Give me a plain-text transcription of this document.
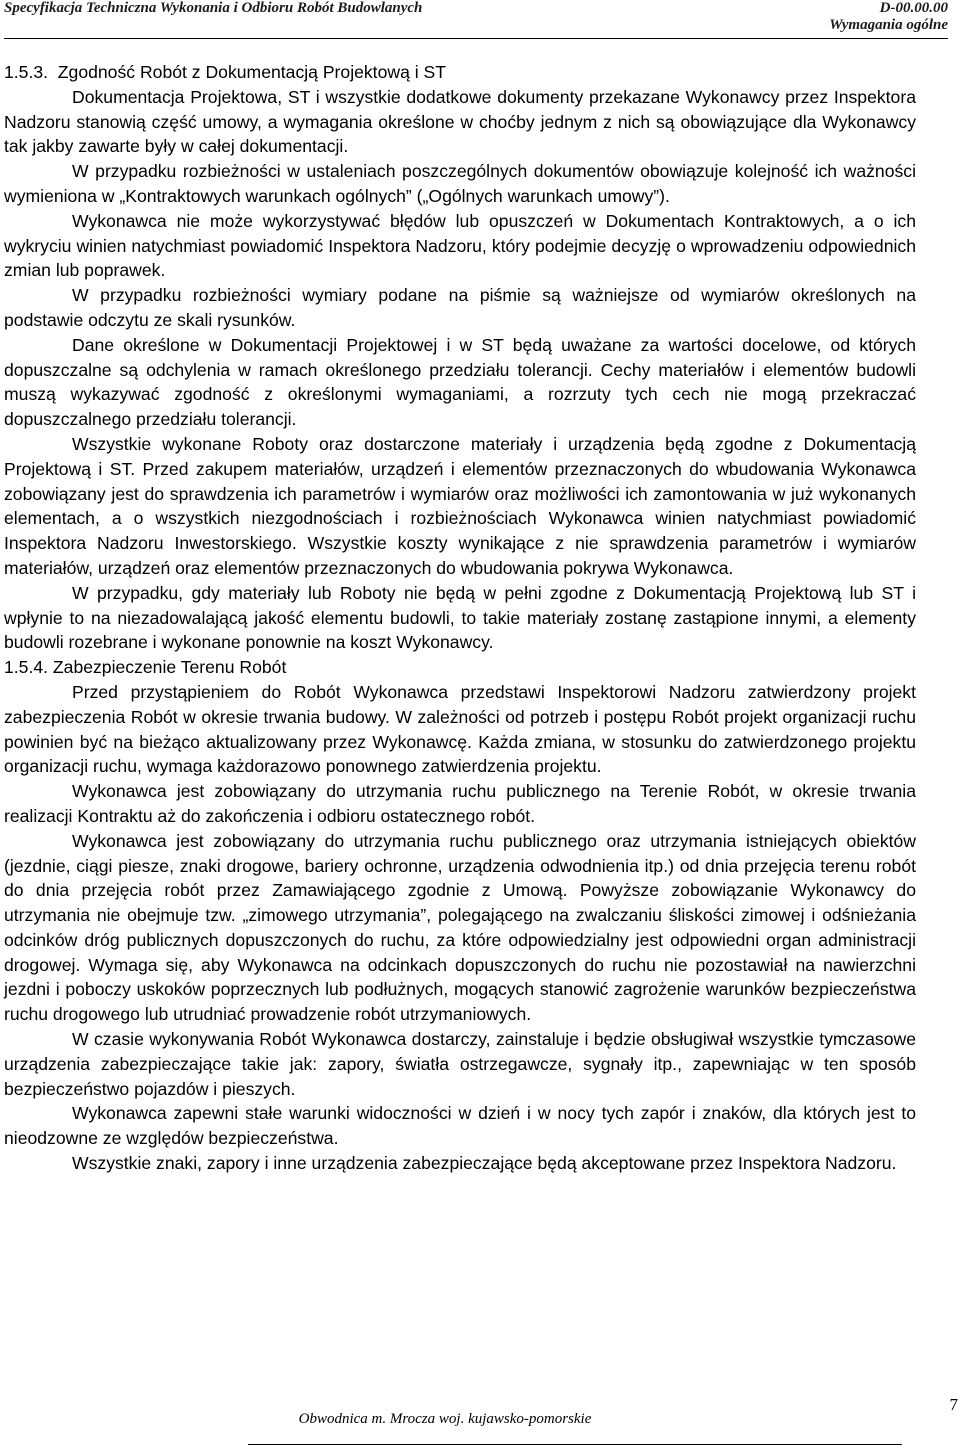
Specyfikacja Techniczna Wykonania i Odbioru Robót Budowlanych	D-00.00.00
Wymagania ogólne

1.5.3.  Zgodność Robót z Dokumentacją Projektową i ST

Dokumentacja Projektowa, ST i wszystkie dodatkowe dokumenty przekazane Wykonawcy przez Inspektora Nadzoru stanowią część umowy, a wymagania określone w choćby jednym z nich są obowiązujące dla Wykonawcy tak jakby zawarte były w całej dokumentacji.

W przypadku rozbieżności w ustaleniach poszczególnych dokumentów obowiązuje kolejność ich ważności wymieniona w „Kontraktowych warunkach ogólnych” („Ogólnych warunkach umowy”).

Wykonawca nie może wykorzystywać błędów lub opuszczeń w Dokumentach Kontraktowych, a o ich wykryciu winien natychmiast powiadomić Inspektora Nadzoru, który podejmie decyzję o wprowadzeniu odpowiednich zmian lub poprawek.

W przypadku rozbieżności wymiary podane na piśmie są ważniejsze od wymiarów określonych na podstawie odczytu ze skali rysunków.

Dane określone w Dokumentacji Projektowej i w ST będą uważane za wartości docelowe, od których dopuszczalne są odchylenia w ramach określonego przedziału tolerancji. Cechy materiałów i elementów budowli muszą wykazywać zgodność z określonymi wymaganiami, a rozrzuty tych cech nie mogą przekraczać dopuszczalnego przedziału tolerancji.

Wszystkie wykonane Roboty oraz dostarczone materiały i urządzenia będą zgodne z Dokumentacją Projektową i ST. Przed zakupem materiałów, urządzeń i elementów przeznaczonych do wbudowania Wykonawca zobowiązany jest do sprawdzenia ich parametrów i wymiarów oraz możliwości ich zamontowania w już wykonanych elementach, a o wszystkich niezgodnościach i rozbieżnościach Wykonawca winien natychmiast powiadomić Inspektora Nadzoru Inwestorskiego. Wszystkie koszty wynikające z nie sprawdzenia parametrów i wymiarów materiałów, urządzeń oraz elementów przeznaczonych do wbudowania pokrywa Wykonawca.

W przypadku, gdy materiały lub Roboty nie będą w pełni zgodne z Dokumentacją Projektową lub ST i wpłynie to na niezadowalającą jakość elementu budowli, to takie materiały zostanę zastąpione innymi, a elementy budowli rozebrane i wykonane ponownie na koszt Wykonawcy.

1.5.4. Zabezpieczenie Terenu Robót

Przed przystąpieniem do Robót Wykonawca przedstawi Inspektorowi Nadzoru zatwierdzony projekt zabezpieczenia Robót w okresie trwania budowy. W zależności od potrzeb i postępu Robót projekt organizacji ruchu powinien być na bieżąco aktualizowany przez Wykonawcę. Każda zmiana, w stosunku do zatwierdzonego projektu organizacji ruchu, wymaga każdorazowo ponownego zatwierdzenia projektu.

Wykonawca jest zobowiązany do utrzymania ruchu publicznego na Terenie Robót, w okresie trwania realizacji Kontraktu aż do zakończenia i odbioru ostatecznego robót.

Wykonawca jest zobowiązany do utrzymania ruchu publicznego oraz utrzymania istniejących obiektów (jezdnie, ciągi piesze, znaki drogowe, bariery ochronne, urządzenia odwodnienia itp.) od dnia przejęcia terenu robót do dnia przejęcia robót przez Zamawiającego zgodnie z Umową. Powyższe zobowiązanie Wykonawcy do utrzymania nie obejmuje tzw. „zimowego utrzymania”, polegającego na zwalczaniu śliskości zimowej i odśnieżania odcinków dróg publicznych dopuszczonych do ruchu, za które odpowiedzialny jest odpowiedni organ administracji drogowej. Wymaga się, aby Wykonawca na odcinkach dopuszczonych do ruchu nie pozostawiał na nawierzchni jezdni i poboczy uskoków poprzecznych lub podłużnych, mogących stanowić zagrożenie warunków bezpieczeństwa ruchu drogowego lub utrudniać prowadzenie robót utrzymaniowych.

W czasie wykonywania Robót Wykonawca dostarczy, zainstaluje i będzie obsługiwał wszystkie tymczasowe urządzenia zabezpieczające takie jak: zapory, światła ostrzegawcze, sygnały itp., zapewniając w ten sposób bezpieczeństwo pojazdów i pieszych.

Wykonawca zapewni stałe warunki widoczności w dzień i w nocy tych zapór i znaków, dla których jest to nieodzowne ze względów bezpieczeństwa.

Wszystkie znaki, zapory i inne urządzenia zabezpieczające będą akceptowane przez Inspektora Nadzoru.

Obwodnica m. Mrocza woj. kujawsko-pomorskie
7
